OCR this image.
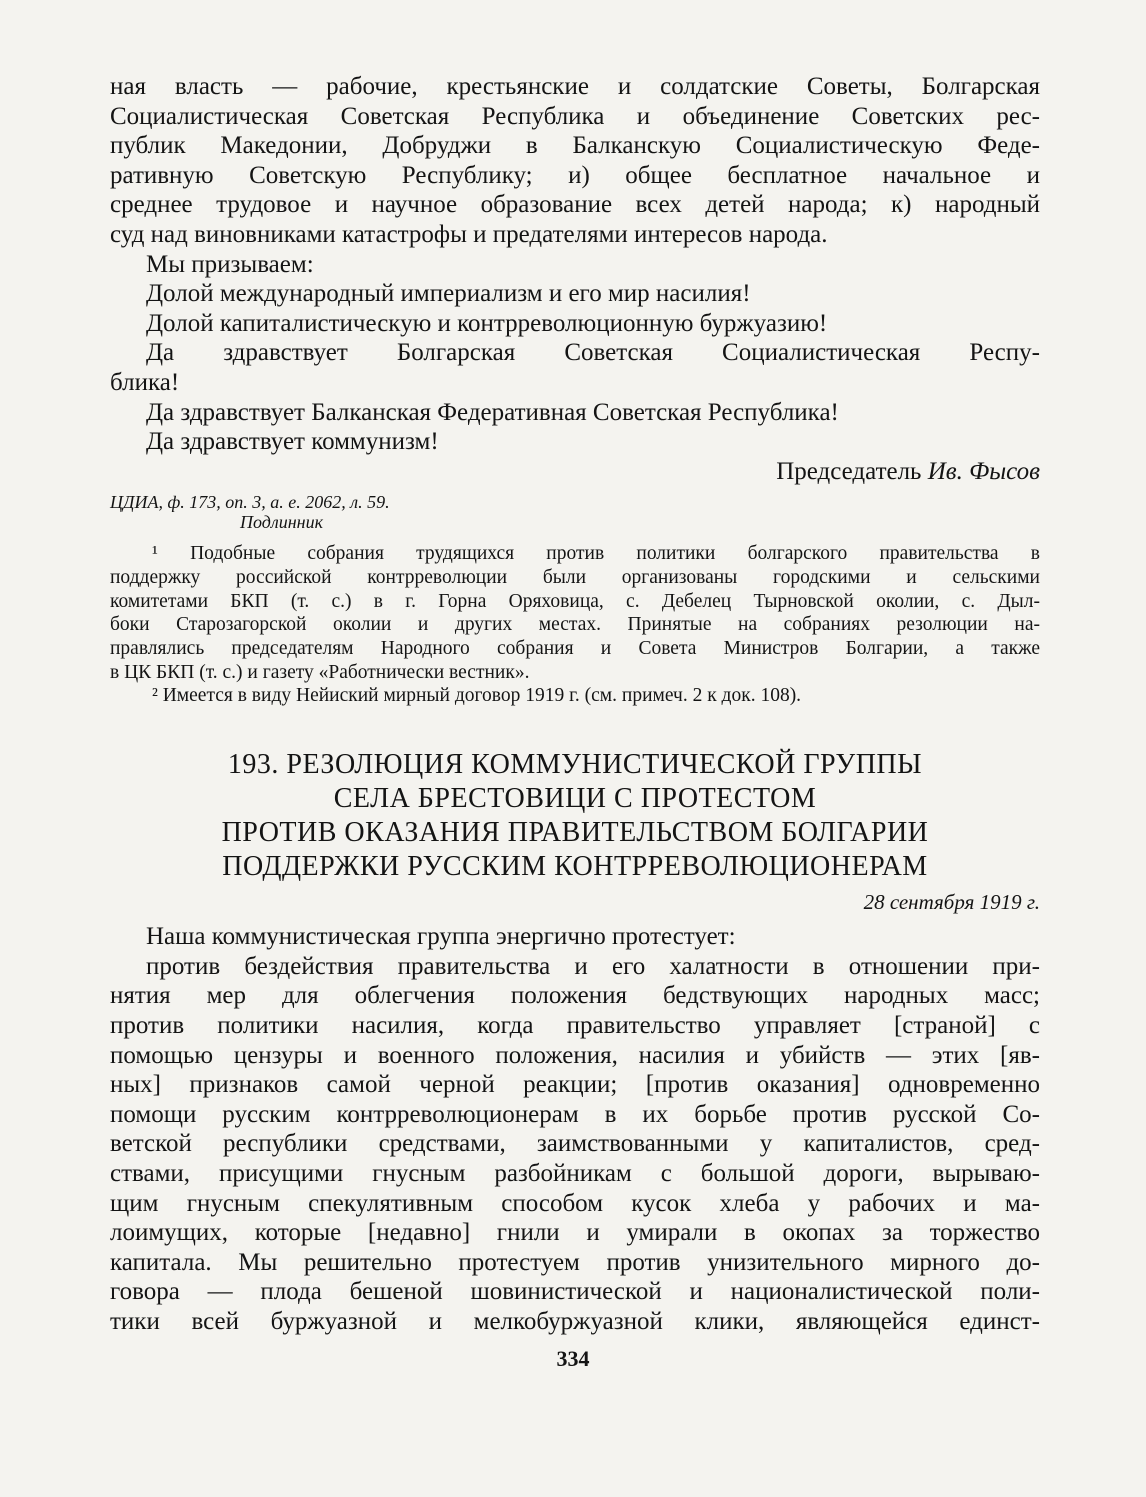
ная власть — рабочие, крестьянские и солдатские Советы, Болгарская
Социалистическая Советская Республика и объединение Советских рес-
публик Македонии, Добруджи в Балканскую Социалистическую Феде-
ративную Советскую Республику; и) общее бесплатное начальное и
среднее трудовое и научное образование всех детей народа; к) народный
суд над виновниками катастрофы и предателями интересов народа.
Мы призываем:
Долой международный империализм и его мир насилия!
Долой капиталистическую и контрреволюционную буржуазию!
Да здравствует Болгарская Советская Социалистическая Респу-
блика!
Да здравствует Балканская Федеративная Советская Республика!
Да здравствует коммунизм!
Председатель Ив. Фысов
ЦДИА, ф. 173, оп. 3, а. е. 2062, л. 59.
Подлинник
¹ Подобные собрания трудящихся против политики болгарского правительства в
поддержку российской контрреволюции были организованы городскими и сельскими
комитетами БКП (т. с.) в г. Горна Оряховица, с. Дебелец Тырновской околии, с. Дыл-
боки Старозагорской околии и других местах. Принятые на собраниях резолюции на-
правлялись председателям Народного собрания и Совета Министров Болгарии, а также
в ЦК БКП (т. с.) и газету «Работнически вестник».
² Имеется в виду Нейиский мирный договор 1919 г. (см. примеч. 2 к док. 108).
193. РЕЗОЛЮЦИЯ КОММУНИСТИЧЕСКОЙ ГРУППЫ
СЕЛА БРЕСТОВИЦИ С ПРОТЕСТОМ
ПРОТИВ ОКАЗАНИЯ ПРАВИТЕЛЬСТВОМ БОЛГАРИИ
ПОДДЕРЖКИ РУССКИМ КОНТРРЕВОЛЮЦИОНЕРАМ
28 сентября 1919 г.
Наша коммунистическая группа энергично протестует:
против бездействия правительства и его халатности в отношении при-
нятия мер для облегчения положения бедствующих народных масс;
против политики насилия, когда правительство управляет [страной] с
помощью цензуры и военного положения, насилия и убийств — этих [яв-
ных] признаков самой черной реакции; [против оказания] одновременно
помощи русским контрреволюционерам в их борьбе против русской Со-
ветской республики средствами, заимствованными у капиталистов, сред-
ствами, присущими гнусным разбойникам с большой дороги, вырываю-
щим гнусным спекулятивным способом кусок хлеба у рабочих и ма-
лоимущих, которые [недавно] гнили и умирали в окопах за торжество
капитала. Мы решительно протестуем против унизительного мирного до-
говора — плода бешеной шовинистической и националистической поли-
тики всей буржуазной и мелкобуржуазной клики, являющейся единст-
334
